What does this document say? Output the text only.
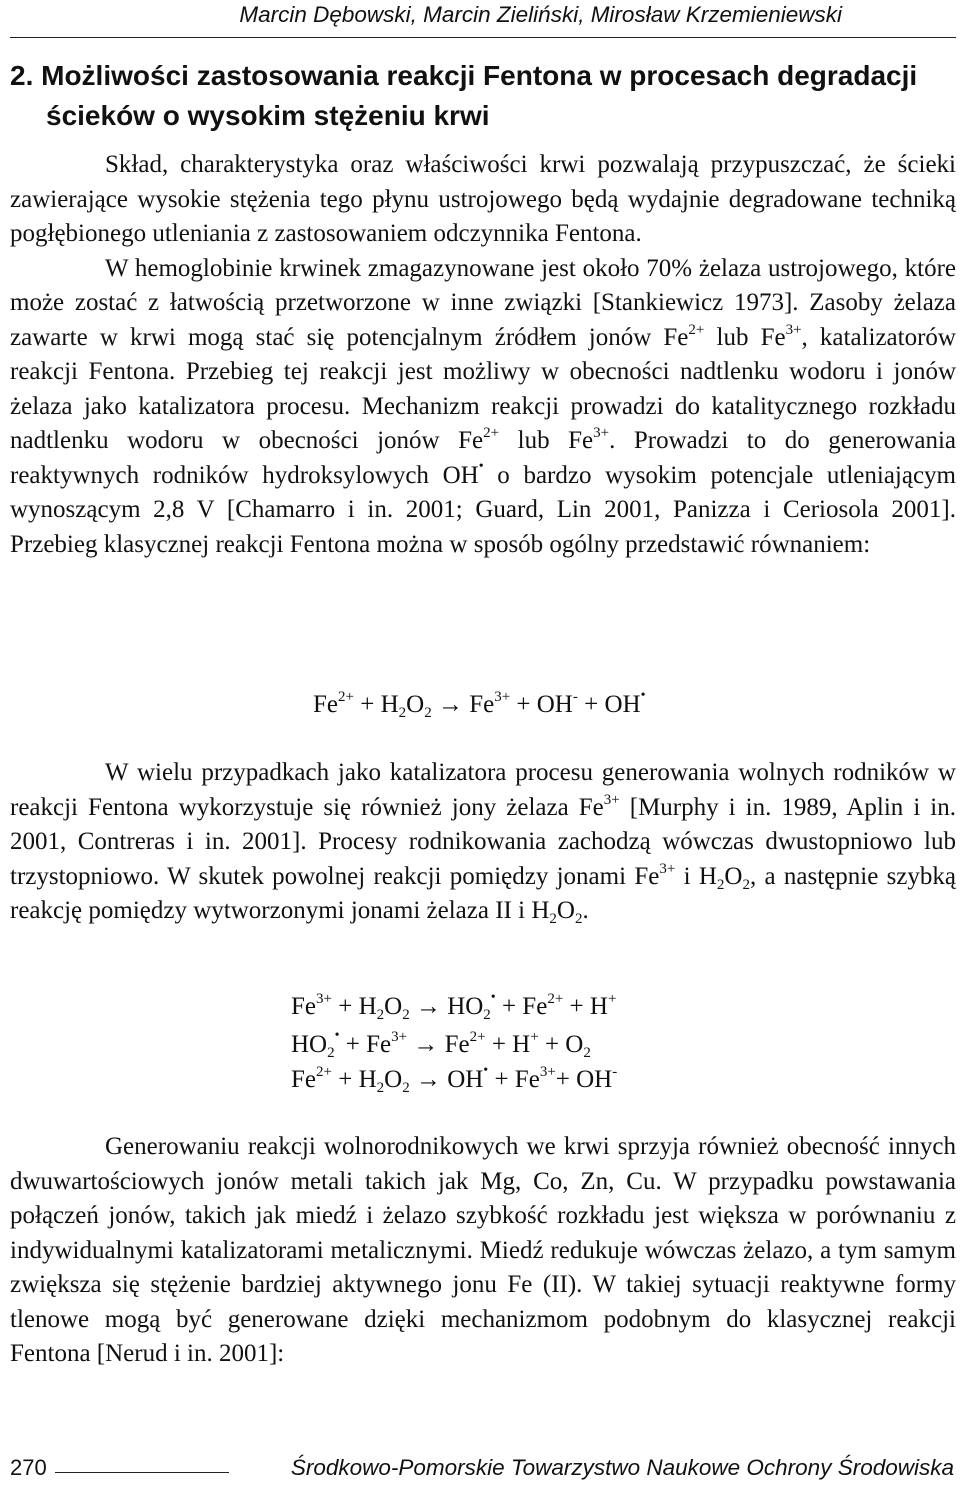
Marcin Dębowski, Marcin Zieliński, Mirosław Krzemieniewski
2. Możliwości zastosowania reakcji Fentona w procesach degradacji
ścieków o wysokim stężeniu krwi

Skład, charakterystyka oraz właściwości krwi pozwalają przypuszczać, że ścieki zawierające wysokie stężenia tego płynu ustrojowego będą wydajnie degradowane techniką pogłębionego utleniania z zastosowaniem odczynnika Fentona.

W hemoglobinie krwinek zmagazynowane jest około 70% żelaza ustrojowego, które może zostać z łatwością przetworzone w inne związki [Stankiewicz 1973]. Zasoby żelaza zawarte w krwi mogą stać się potencjalnym źródłem jonów $Fe^{2+}$ lub $Fe^{3+}$, katalizatorów reakcji Fentona. Przebieg tej reakcji jest możliwy w obecności nadtlenku wodoru i jonów żelaza jako katalizatora procesu. Mechanizm reakcji prowadzi do katalitycznego rozkładu nadtlenku wodoru w obecności jonów $Fe^{2+}$ lub $Fe^{3+}$. Prowadzi to do generowania reaktywnych rodników hydroksylowych OH• o bardzo wysokim potencjale utleniającym wynoszącym 2,8 V [Chamarro i in. 2001; Guard, Lin 2001, Panizza i Ceriosola 2001]. Przebieg klasycznej reakcji Fentona można w sposób ogólny przedstawić równaniem:

$Fe^{2+} + H_2O_2 \to Fe^{3+} + OH^- + OH^•$

W wielu przypadkach jako katalizatora procesu generowania wolnych rodników w reakcji Fentona wykorzystuje się również jony żelaza $Fe^{3+}$ [Murphy i in. 1989, Aplin i in. 2001, Contreras i in. 2001]. Procesy rodnikowania zachodzą wówczas dwustopniowo lub trzystopniowo. W skutek powolnej reakcji pomiędzy jonami $Fe^{3+}$ i $H_2O_2$, a następnie szybką reakcję pomiędzy wytworzonymi jonami żelaza II i $H_2O_2$.

$Fe^{3+} + H_2O_2 \to HO_2^• + Fe^{2+} + H^+$
$HO_2^• + Fe^{3+} \to Fe^{2+} + H^+ + O_2$
$Fe^{2+} + H_2O_2 \to OH^• + Fe^{3+}+ OH^-$

Generowaniu reakcji wolnorodnikowych we krwi sprzyja również obecność innych dwuwartościowych jonów metali takich jak Mg, Co, Zn, Cu. W przypadku powstawania połączeń jonów, takich jak miedź i żelazo szybkość rozkładu jest większa w porównaniu z indywidualnymi katalizatorami metalicznymi. Miedź redukuje wówczas żelazo, a tym samym zwiększa się stężenie bardziej aktywnego jonu Fe (II). W takiej sytuacji reaktywne formy tlenowe mogą być generowane dzięki mechanizmom podobnym do klasycznej reakcji Fentona [Nerud i in. 2001]:

270	Środkowo-Pomorskie Towarzystwo Naukowe Ochrony Środowiska
